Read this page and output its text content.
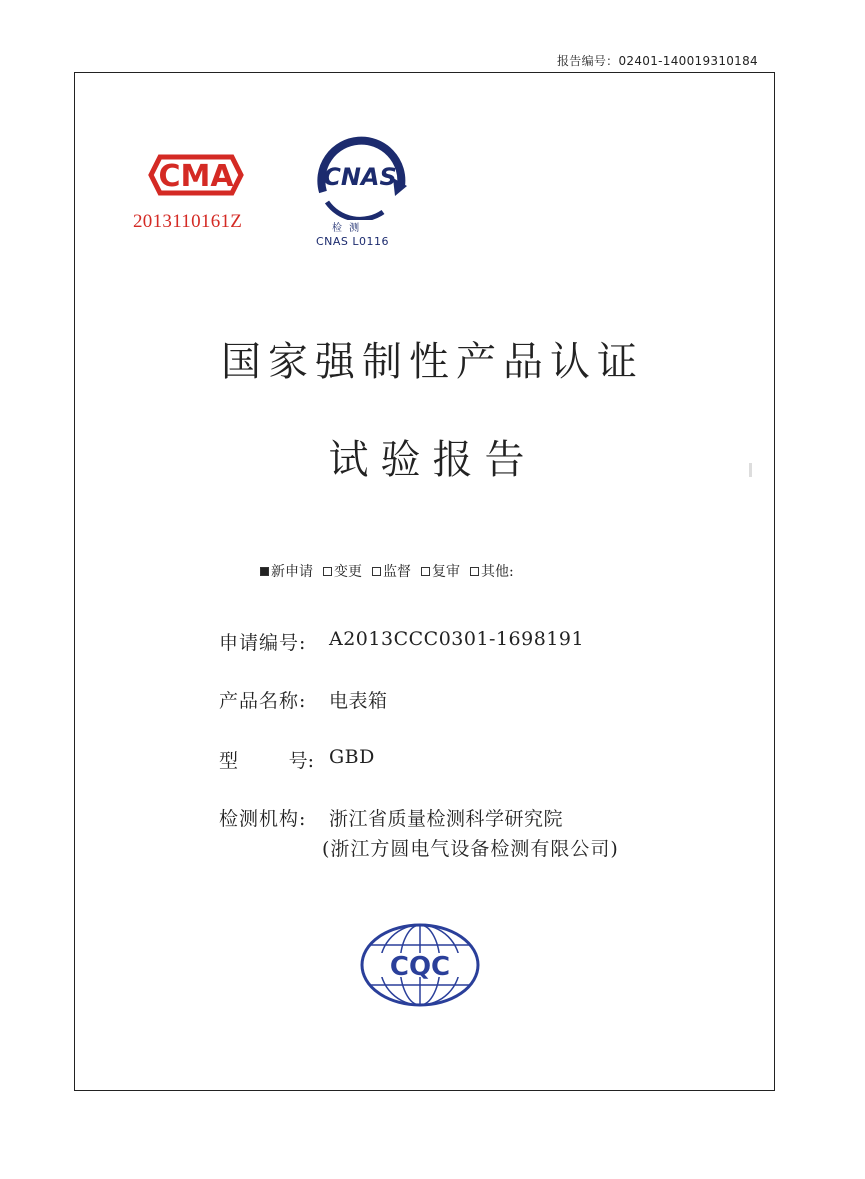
报告编号：02401-140019310184
CMA
2013110161Z
CNAS
检 测
CNAS L0116
国家强制性产品认证
试验报告
新申请 变更 监督 复审 其他:
申请编号:	A2013CCC0301-1698191
产品名称:	电表箱
型	号: GBD
检测机构:	浙江省质量检测科学研究院
(浙江方圆电气设备检测有限公司)
CQC
